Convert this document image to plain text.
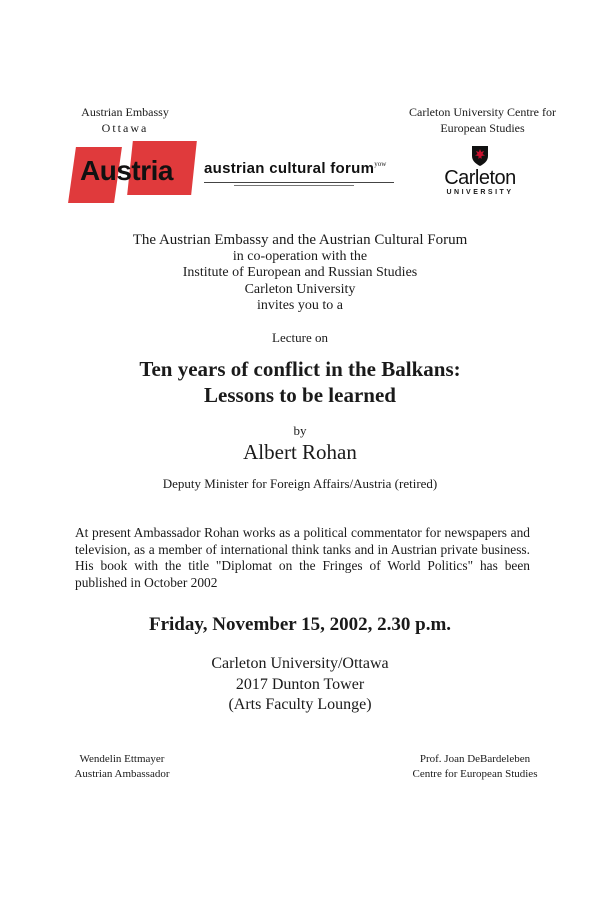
Austrian Embassy
Ottawa
Carleton University Centre for
European Studies
Austria austrian cultural forum$^{yow}$
Carleton
UNIVERSITY
The Austrian Embassy and the Austrian Cultural Forum
in co-operation with the
Institute of European and Russian Studies
Carleton University
invites you to a
Lecture on
Ten years of conflict in the Balkans:
Lessons to be learned
by
Albert Rohan
Deputy Minister for Foreign Affairs/Austria (retired)
At present Ambassador Rohan works as a political commentator for newspapers and television, as a member of international think tanks and in Austrian private business. His book with the title "Diplomat on the Fringes of World Politics" has been published in October 2002
Friday, November 15, 2002, 2.30 p.m.
Carleton University/Ottawa
2017 Dunton Tower
(Arts Faculty Lounge)
Wendelin Ettmayer
Austrian Ambassador
Prof. Joan DeBardeleben
Centre for European Studies
